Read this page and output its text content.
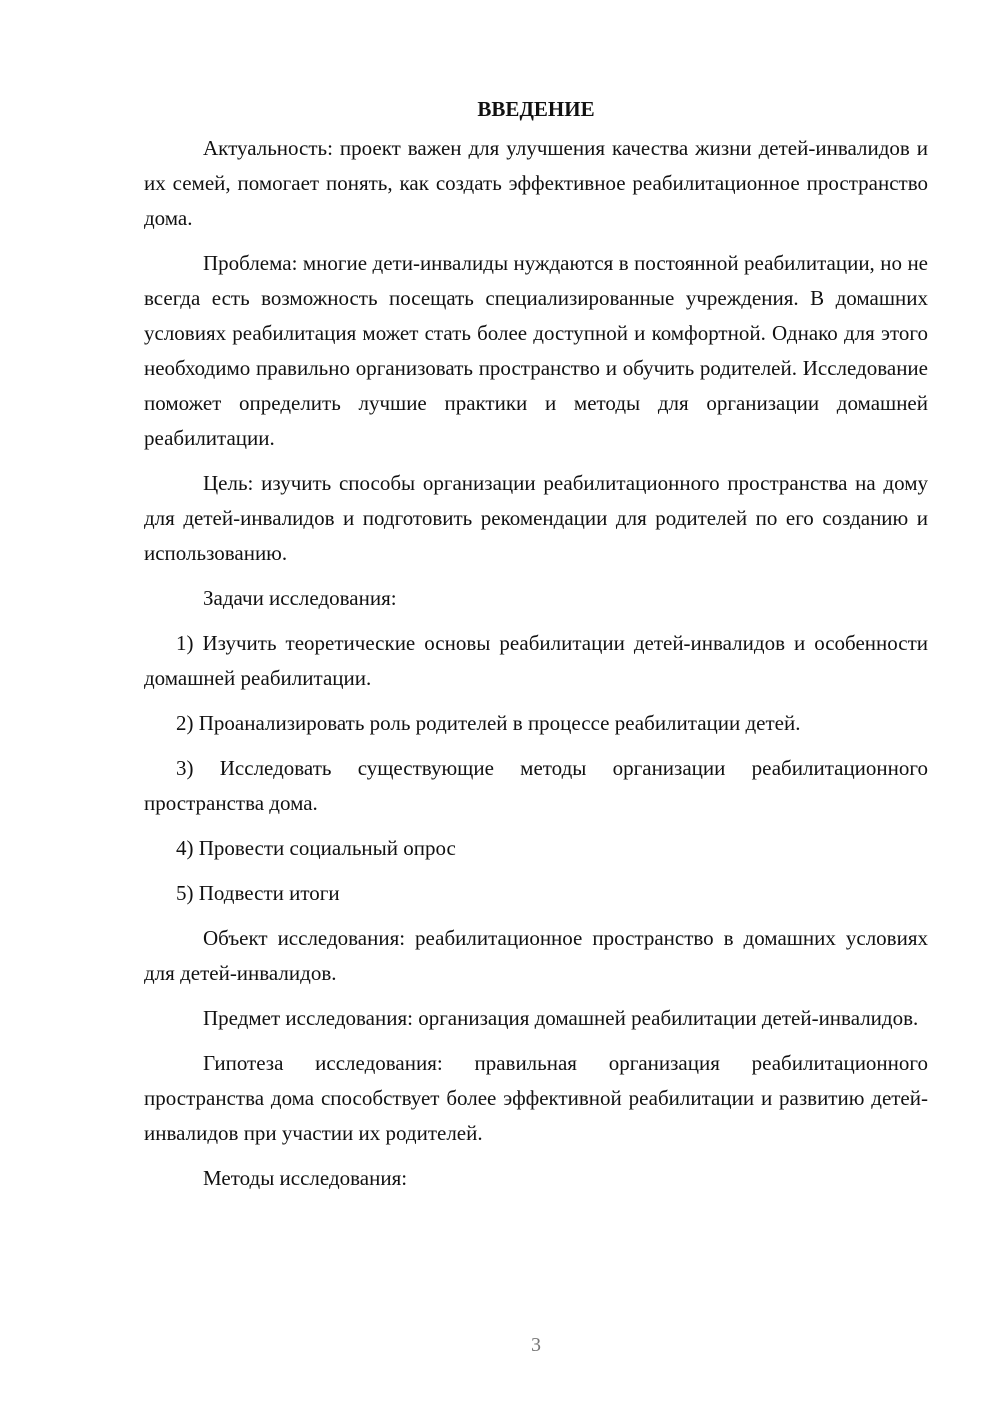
ВВЕДЕНИЕ

Актуальность: проект важен для улучшения качества жизни детей-инвалидов и их семей, помогает понять, как создать эффективное реабилитационное пространство дома.

Проблема: многие дети-инвалиды нуждаются в постоянной реабилитации, но не всегда есть возможность посещать специализированные учреждения. В домашних условиях реабилитация может стать более доступной и комфортной. Однако для этого необходимо правильно организовать пространство и обучить родителей. Исследование поможет определить лучшие практики и методы для организации домашней реабилитации.

Цель: изучить способы организации реабилитационного пространства на дому для детей-инвалидов и подготовить рекомендации для родителей по его созданию и использованию.

Задачи исследования:

1) Изучить теоретические основы реабилитации детей-инвалидов и особенности домашней реабилитации.

2) Проанализировать роль родителей в процессе реабилитации детей.

3) Исследовать существующие методы организации реабилитационного пространства дома.

4) Провести социальный опрос

5) Подвести итоги

Объект исследования: реабилитационное пространство в домашних условиях для детей-инвалидов.

Предмет исследования: организация домашней реабилитации детей-инвалидов.

Гипотеза исследования: правильная организация реабилитационного пространства дома способствует более эффективной реабилитации и развитию детей-инвалидов при участии их родителей.

Методы исследования:

3
